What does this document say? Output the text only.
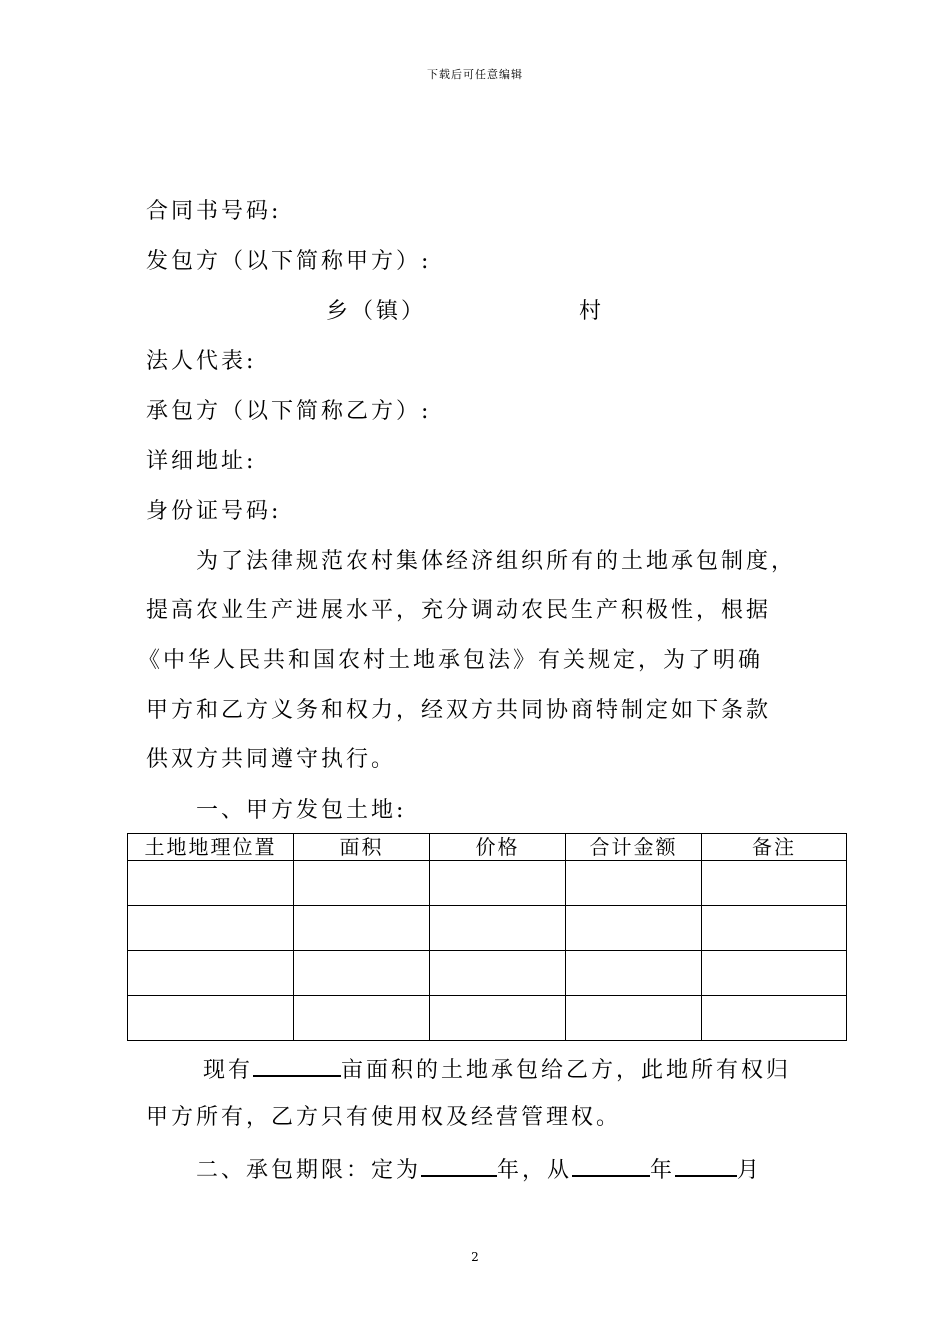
下载后可任意编辑
合同书号码:
发包方（以下简称甲方）:
乡（镇）	村
法人代表:
承包方（以下简称乙方）:
详细地址:
身份证号码:
为了法律规范农村集体经济组织所有的土地承包制度，
提高农业生产进展水平，充分调动农民生产积极性，根据
《中华人民共和国农村土地承包法》有关规定，为了明确
甲方和乙方义务和权力，经双方共同协商特制定如下条款
供双方共同遵守执行。
一、甲方发包土地:
土地地理位置	面积	价格	合计金额	备注

现有	亩面积的土地承包给乙方，此地所有权归
甲方所有，乙方只有使用权及经营管理权。
二、承包期限：定为	年，从	年	月
2
